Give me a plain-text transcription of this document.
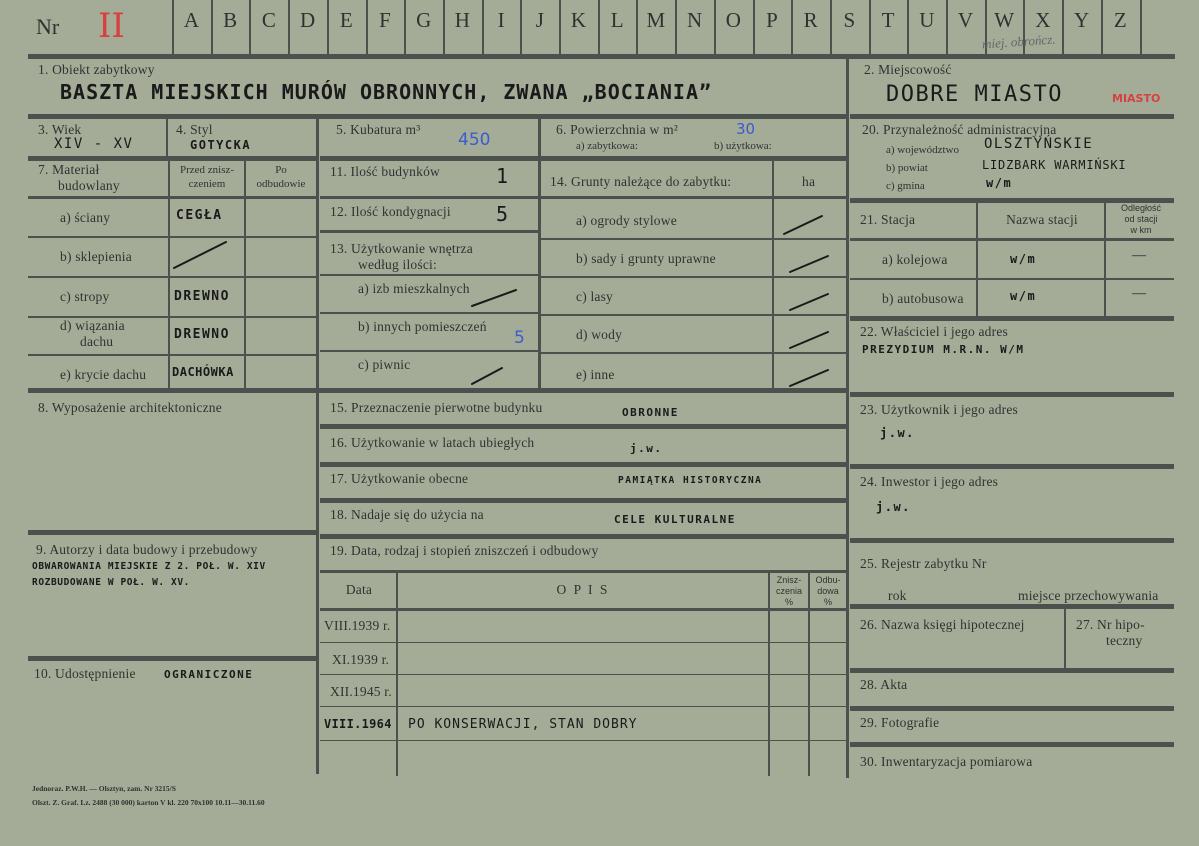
Nr II	A	B	C	D	E	F	G	H	I	J	K	L	M N	O	P	R	S	T	U	V W X	Y	Z
miej. obrończ.
1. Obiekt zabytkowy
BASZTA MIEJSKICH MURÓW OBRONNYCH, ZWANA „BOCIANIA”
2. Miejscowość
DOBRE MIASTO	MIASTO
3. Wiek
XIV - XV
4. Styl
GOTYCKA
5. Kubatura m³
450
6. Powierzchnia w m²	30
a) zabytkowa:	b) użytkowa:
7. Materiał
budowlany
Przed znisz-
czeniem
Po
odbudowie
a) ściany	CEGŁA
b) sklepienia
c) stropy	DREWNO
d) wiązania
dachu	DREWNO
e) krycie dachu DACHÓWKA
8. Wyposażenie architektoniczne
9. Autorzy i data budowy i przebudowy
OBWAROWANIA MIEJSKIE Z 2. POŁ. W. XIV
ROZBUDOWANE W POŁ. W. XV.
10. Udostępnienie	OGRANICZONE
11. Ilość budynków	1
12. Ilość kondygnacji 5
13. Użytkowanie wnętrza
według ilości:
a) izb mieszkalnych
b) innych pomieszczeń
5
c) piwnic
14. Grunty należące do zabytku:	ha
a) ogrody stylowe
b) sady i grunty uprawne
c) lasy
d) wody
e) inne
15. Przeznaczenie pierwotne budynku	OBRONNE
16. Użytkowanie w latach ubiegłych	j.w.
17. Użytkowanie obecne	PAMIĄTKA HISTORYCZNA
18. Nadaje się do użycia na	CELE KULTURALNE
19. Data, rodzaj i stopień zniszczeń i odbudowy
Data	O P I S
Znisz-
czenia
%
Odbu-
dowa
%
VIII.1939 r.
XI.1939 r.
XII.1945 r.
VIII.1964 PO KONSERWACJI, STAN DOBRY
20. Przynależność administracyjna
a) województwo OLSZTYŃSKIE
b) powiat	LIDZBARK WARMIŃSKI
c) gmina	w/m
21. Stacja	Nazwa stacji
Odległość
od stacji
w km
a) kolejowa	w/m	—
b) autobusowa	w/m	—
22. Właściciel i jego adres
PREZYDIUM M.R.N. W/M
23. Użytkownik i jego adres
j.w.
24. Inwestor i jego adres
j.w.
25. Rejestr zabytku Nr
rok	miejsce przechowywania
26. Nazwa księgi hipotecznej	27. Nr hipo-
teczny
28. Akta
29. Fotografie
30. Inwentaryzacja pomiarowa
Jednoraz. P.W.H. — Olsztyn, zam. Nr 3215/S
Olszt. Z. Graf. Lz. 2488 (30 000) karton V kl. 220 70x100 10.11—30.11.60
